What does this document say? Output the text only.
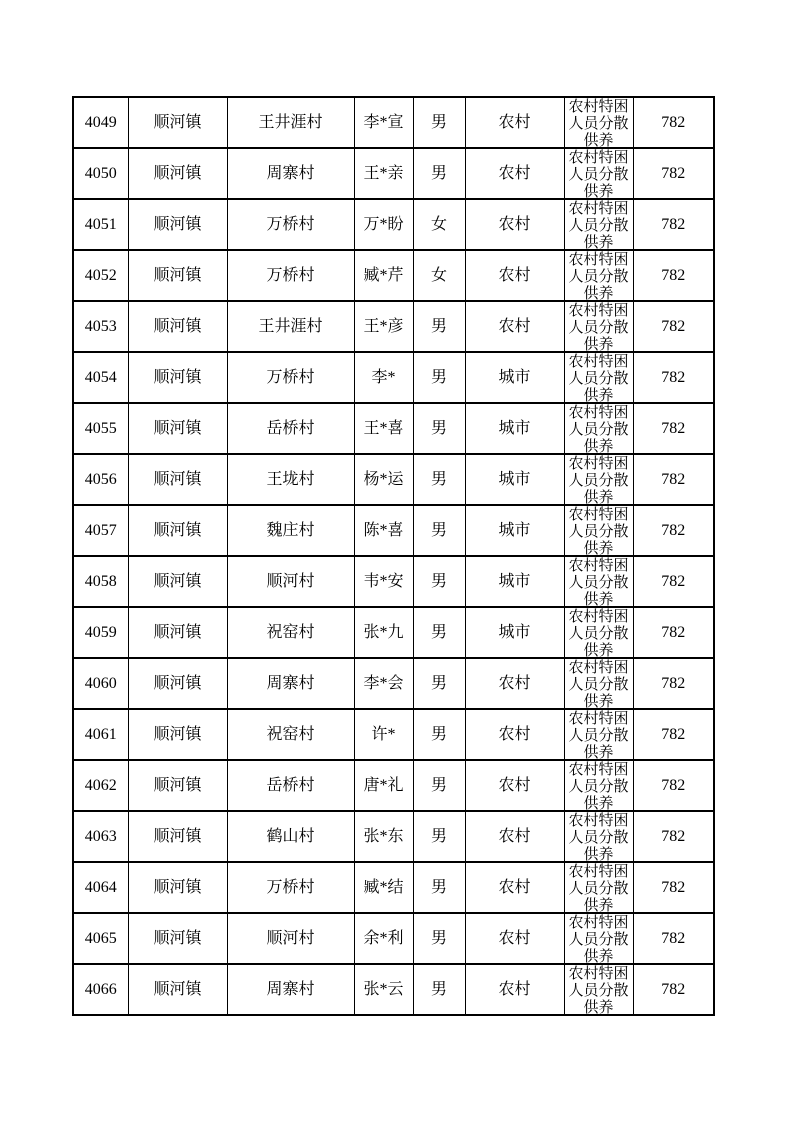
4049	顺河镇	王井涯村	李*宣	男	农村	农村特困人员分散供养	782
4050	顺河镇	周寨村	王*亲	男	农村	农村特困人员分散供养	782
4051	顺河镇	万桥村	万*盼	女	农村	农村特困人员分散供养	782
4052	顺河镇	万桥村	臧*芹	女	农村	农村特困人员分散供养	782
4053	顺河镇	王井涯村	王*彦	男	农村	农村特困人员分散供养	782
4054	顺河镇	万桥村	李*	男	城市	农村特困人员分散供养	782
4055	顺河镇	岳桥村	王*喜	男	城市	农村特困人员分散供养	782
4056	顺河镇	王垅村	杨*运	男	城市	农村特困人员分散供养	782
4057	顺河镇	魏庄村	陈*喜	男	城市	农村特困人员分散供养	782
4058	顺河镇	顺河村	韦*安	男	城市	农村特困人员分散供养	782
4059	顺河镇	祝窑村	张*九	男	城市	农村特困人员分散供养	782
4060	顺河镇	周寨村	李*会	男	农村	农村特困人员分散供养	782
4061	顺河镇	祝窑村	许*	男	农村	农村特困人员分散供养	782
4062	顺河镇	岳桥村	唐*礼	男	农村	农村特困人员分散供养	782
4063	顺河镇	鹤山村	张*东	男	农村	农村特困人员分散供养	782
4064	顺河镇	万桥村	臧*结	男	农村	农村特困人员分散供养	782
4065	顺河镇	顺河村	余*利	男	农村	农村特困人员分散供养	782
4066	顺河镇	周寨村	张*云	男	农村	农村特困人员分散供养	782
